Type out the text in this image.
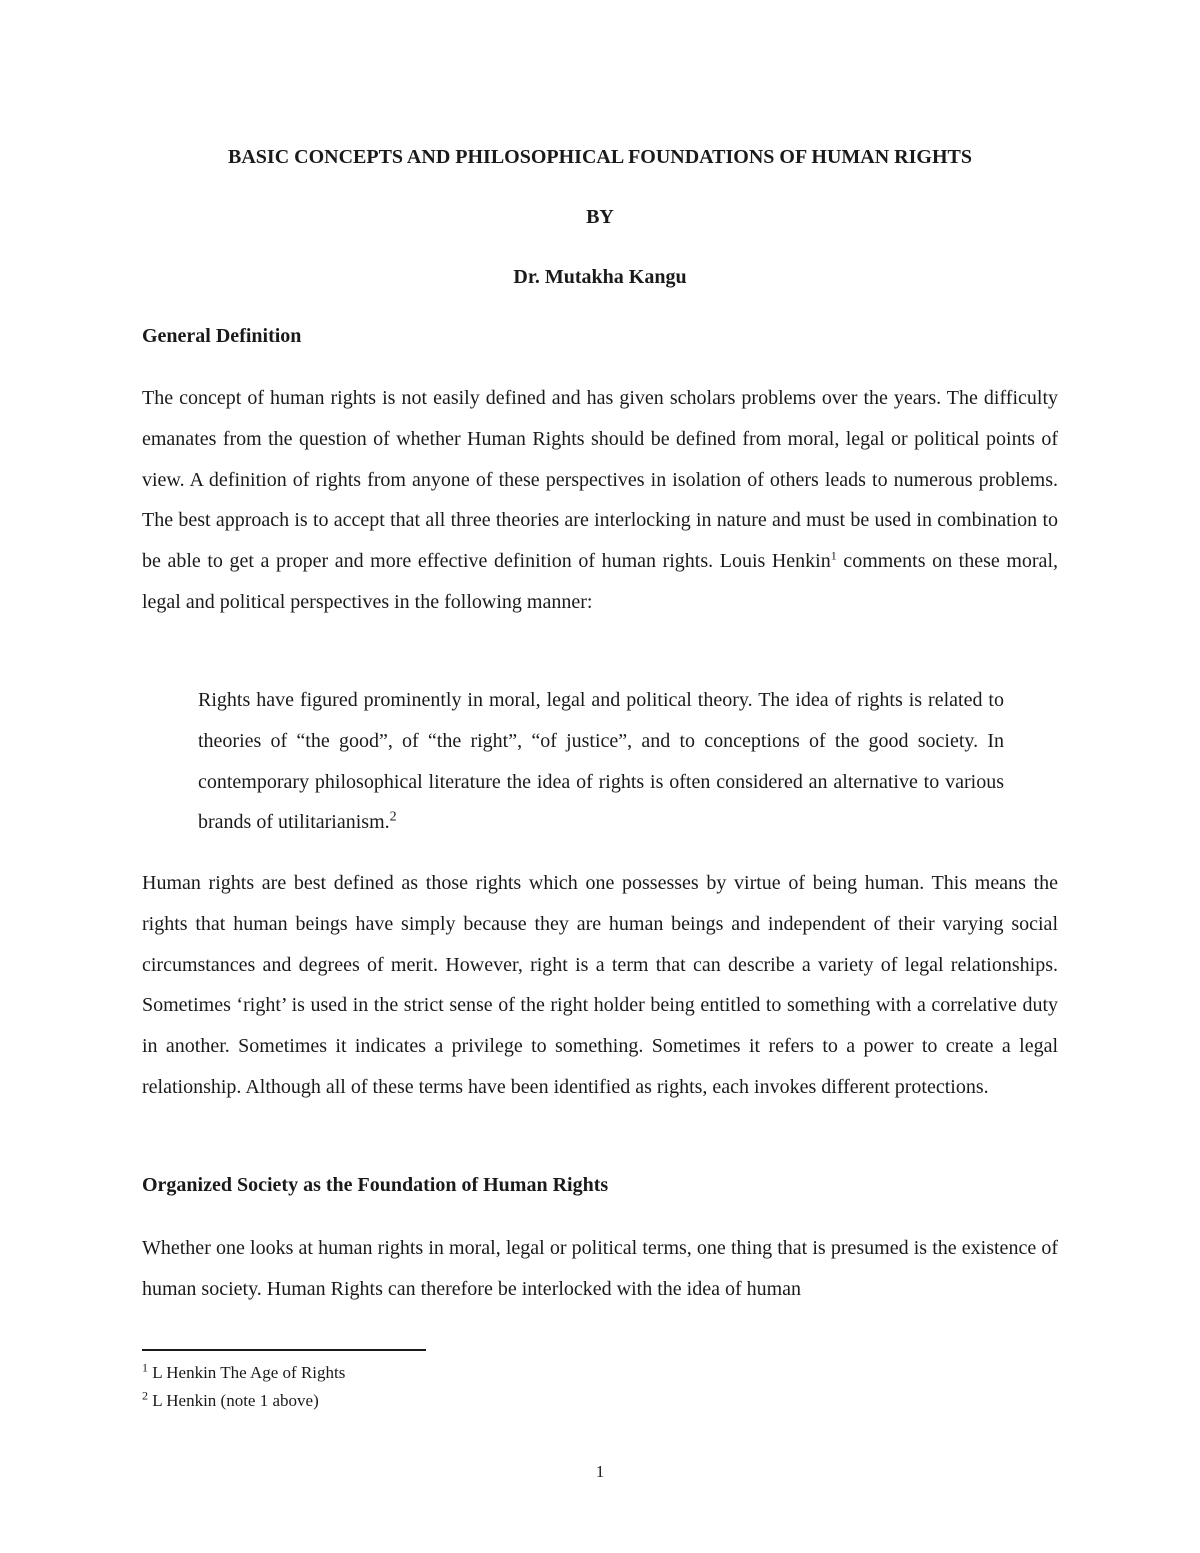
BASIC CONCEPTS AND PHILOSOPHICAL FOUNDATIONS OF HUMAN RIGHTS
BY
Dr. Mutakha Kangu
General Definition

The concept of human rights is not easily defined and has given scholars problems over the years. The difficulty emanates from the question of whether Human Rights should be defined from moral, legal or political points of view. A definition of rights from anyone of these perspectives in isolation of others leads to numerous problems. The best approach is to accept that all three theories are interlocking in nature and must be used in combination to be able to get a proper and more effective definition of human rights. Louis Henkin$^1$ comments on these moral, legal and political perspectives in the following manner:

Rights have figured prominently in moral, legal and political theory. The idea of rights is related to theories of “the good”, of “the right”, “of justice”, and to conceptions of the good society. In contemporary philosophical literature the idea of rights is often considered an alternative to various brands of utilitarianism.$^2$

Human rights are best defined as those rights which one possesses by virtue of being human. This means the rights that human beings have simply because they are human beings and independent of their varying social circumstances and degrees of merit. However, right is a term that can describe a variety of legal relationships. Sometimes ‘right’ is used in the strict sense of the right holder being entitled to something with a correlative duty in another. Sometimes it indicates a privilege to something. Sometimes it refers to a power to create a legal relationship. Although all of these terms have been identified as rights, each invokes different protections.

Organized Society as the Foundation of Human Rights

Whether one looks at human rights in moral, legal or political terms, one thing that is presumed is the existence of human society. Human Rights can therefore be interlocked with the idea of human

$^1$ L Henkin The Age of Rights
$^2$ L Henkin (note 1 above)
1
